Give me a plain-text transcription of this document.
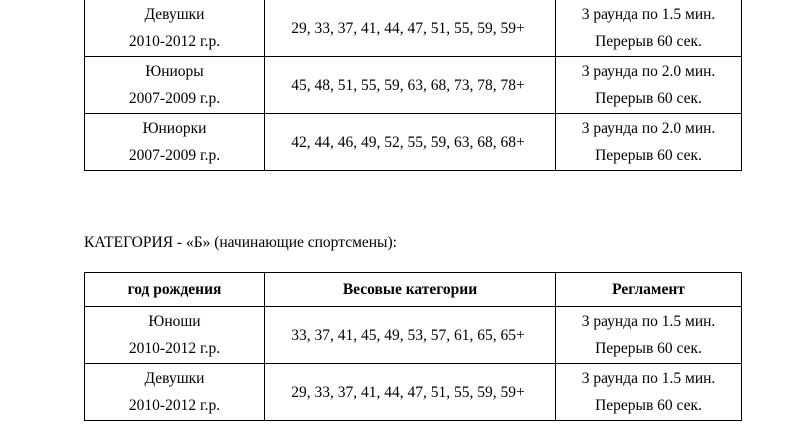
Девушки
2010-2012 г.р.	29, 33, 37, 41, 44, 47, 51, 55, 59, 59+	3 раунда по 1.5 мин.
Перерыв 60 сек.

Юниоры
2007-2009 г.р.	45, 48, 51, 55, 59, 63, 68, 73, 78, 78+	3 раунда по 2.0 мин.
Перерыв 60 сек.

Юниорки
2007-2009 г.р.	42, 44, 46, 49, 52, 55, 59, 63, 68, 68+	3 раунда по 2.0 мин.
Перерыв 60 сек.
КАТЕГОРИЯ - «Б» (начинающие спортсмены):
год рождения	Весовые категории	Регламент

Юноши
2010-2012 г.р.	33, 37, 41, 45, 49, 53, 57, 61, 65, 65+	3 раунда по 1.5 мин.
Перерыв 60 сек.

Девушки
2010-2012 г.р.	29, 33, 37, 41, 44, 47, 51, 55, 59, 59+	3 раунда по 1.5 мин.
Перерыв 60 сек.
